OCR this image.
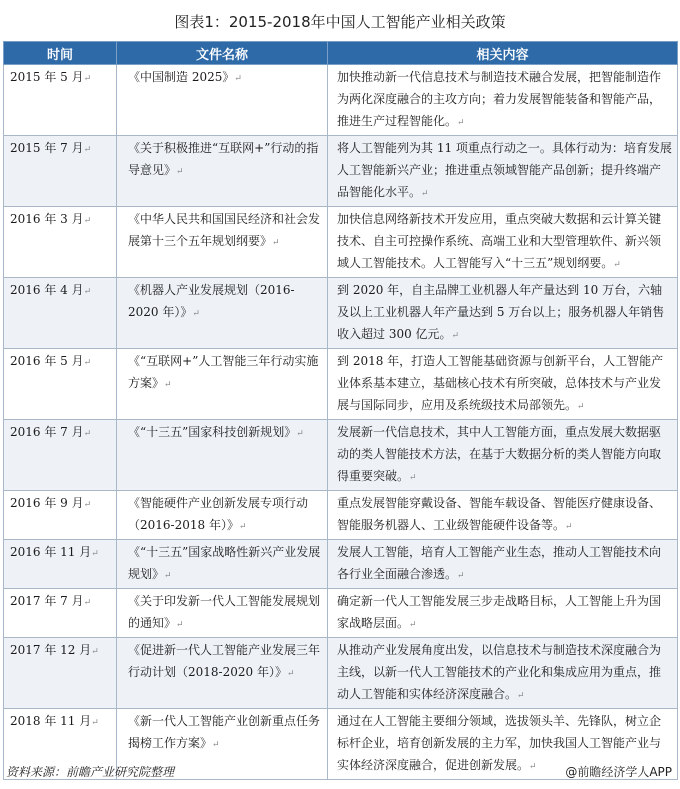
图表1：2015-2018年中国人工智能产业相关政策
时间	文件名称	相关内容
2015 年 5 月↵	《中国制造 2025》↵	加快推动新一代信息技术与制造技术融合发展，把智能制造作为两化深度融合的主攻方向；着力发展智能装备和智能产品，推进生产过程智能化。↵
2015 年 7 月↵	《关于积极推进“互联网+”行动的指导意见》↵	将人工智能列为其 11 项重点行动之一。具体行动为：培育发展人工智能新兴产业；推进重点领域智能产品创新；提升终端产品智能化水平。↵
2016 年 3 月↵	《中华人民共和国国民经济和社会发展第十三个五年规划纲要》↵	加快信息网络新技术开发应用，重点突破大数据和云计算关键技术、自主可控操作系统、高端工业和大型管理软件、新兴领域人工智能技术。人工智能写入“十三五”规划纲要。↵
2016 年 4 月↵	《机器人产业发展规划（2016-2020 年）》↵	到 2020 年，自主品牌工业机器人年产量达到 10 万台，六轴及以上工业机器人年产量达到 5 万台以上；服务机器人年销售收入超过 300 亿元。↵
2016 年 5 月↵	《“互联网+”人工智能三年行动实施方案》↵	到 2018 年，打造人工智能基础资源与创新平台，人工智能产业体系基本建立，基础核心技术有所突破，总体技术与产业发展与国际同步，应用及系统级技术局部领先。↵
2016 年 7 月↵	《“十三五”国家科技创新规划》↵	发展新一代信息技术，其中人工智能方面，重点发展大数据驱动的类人智能技术方法，在基于大数据分析的类人智能方向取得重要突破。↵
2016 年 9 月↵	《智能硬件产业创新发展专项行动（2016-2018 年）》↵	重点发展智能穿戴设备、智能车载设备、智能医疗健康设备、智能服务机器人、工业级智能硬件设备等。↵
2016 年 11 月↵	《“十三五”国家战略性新兴产业发展规划》↵	发展人工智能，培育人工智能产业生态，推动人工智能技术向各行业全面融合渗透。↵
2017 年 7 月↵	《关于印发新一代人工智能发展规划的通知》↵	确定新一代人工智能发展三步走战略目标，人工智能上升为国家战略层面。↵
2017 年 12 月↵	《促进新一代人工智能产业发展三年行动计划（2018-2020 年）》↵	从推动产业发展角度出发，以信息技术与制造技术深度融合为主线，以新一代人工智能技术的产业化和集成应用为重点，推动人工智能和实体经济深度融合。↵
2018 年 11 月↵	《新一代人工智能产业创新重点任务揭榜工作方案》↵	通过在人工智能主要细分领域，选拔领头羊、先锋队，树立企标杆企业，培育创新发展的主力军，加快我国人工智能产业与实体经济深度融合，促进创新发展。↵
资料来源：前瞻产业研究院整理	@前瞻经济学人APP
